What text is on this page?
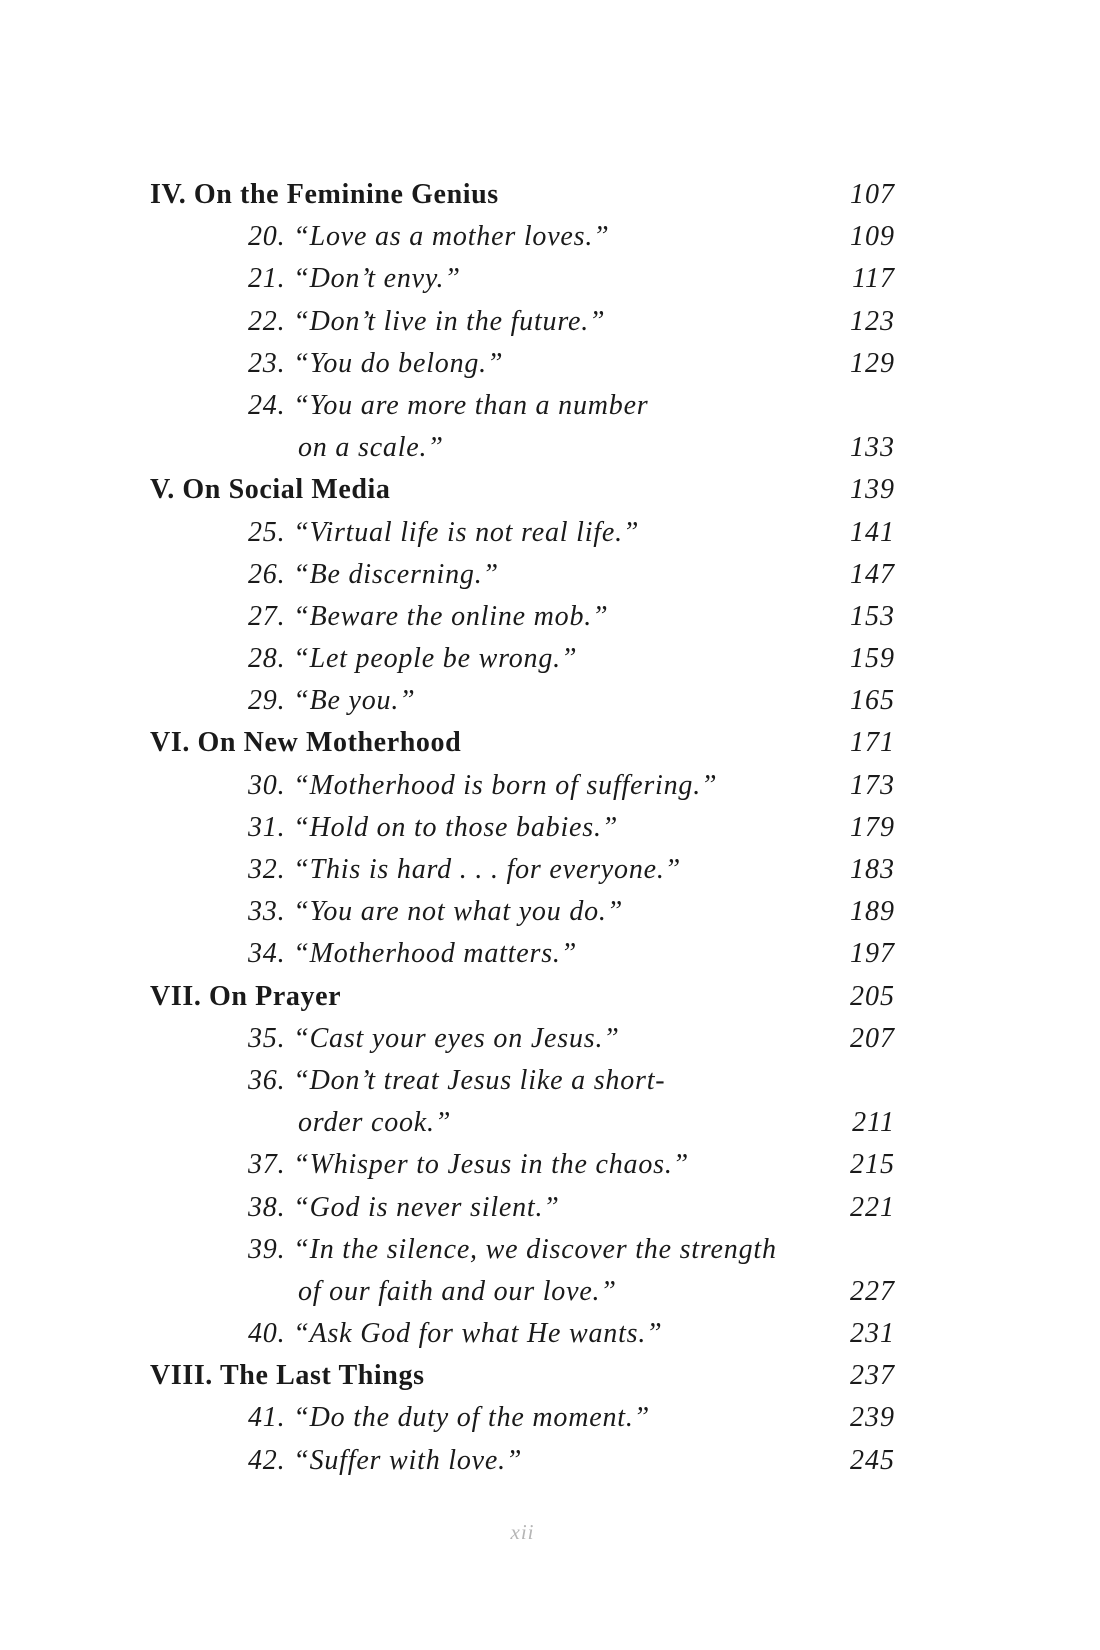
IV. On the Feminine Genius	107
20. “Love as a mother loves.”	109
21. “Don’t envy.”	117
22. “Don’t live in the future.”	123
23. “You do belong.”	129
24. “You are more than a number
on a scale.”	133
V. On Social Media	139
25. “Virtual life is not real life.”	141
26. “Be discerning.”	147
27. “Beware the online mob.”	153
28. “Let people be wrong.”	159
29. “Be you.”	165
VI. On New Motherhood	171
30. “Motherhood is born of suffering.”	173
31. “Hold on to those babies.”	179
32. “This is hard . . . for everyone.”	183
33. “You are not what you do.”	189
34. “Motherhood matters.”	197
VII. On Prayer	205
35. “Cast your eyes on Jesus.”	207
36. “Don’t treat Jesus like a short-
order cook.”	211
37. “Whisper to Jesus in the chaos.”	215
38. “God is never silent.”	221
39. “In the silence, we discover the strength
of our faith and our love.”	227
40. “Ask God for what He wants.”	231
VIII. The Last Things	237
41. “Do the duty of the moment.”	239
42. “Suffer with love.”	245
xii
